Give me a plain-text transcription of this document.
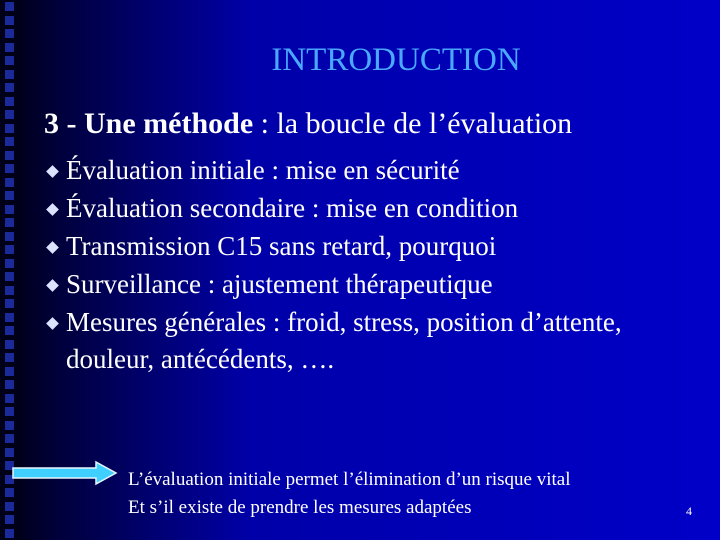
INTRODUCTION
3 - Une méthode : la boucle de l’évaluation
Évaluation initiale : mise en sécurité
Évaluation secondaire : mise en condition
Transmission C15 sans retard, pourquoi
Surveillance : ajustement thérapeutique
Mesures générales : froid, stress, position d’attente, douleur, antécédents, ….
L’évaluation initiale permet l’élimination d’un risque vital
Et s’il existe de prendre les mesures adaptées	4
